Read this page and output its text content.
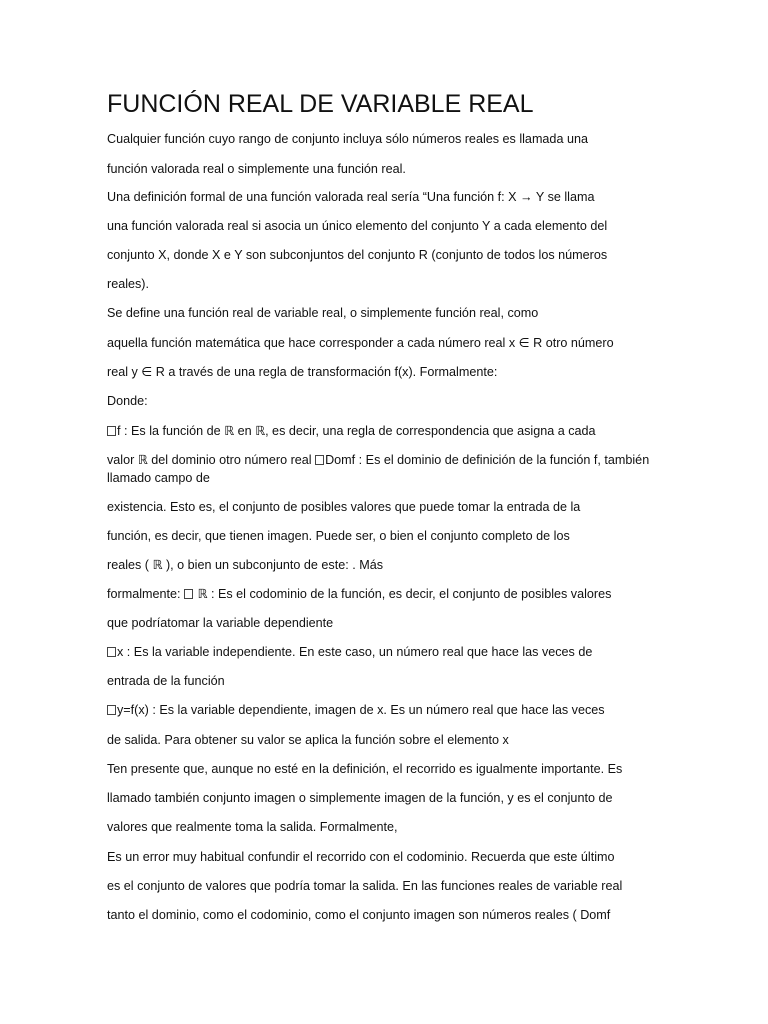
FUNCIÓN REAL DE VARIABLE REAL
Cualquier función cuyo rango de conjunto incluya sólo números reales es llamada una
función valorada real o simplemente una función real.
Una definición formal de una función valorada real sería “Una función f: X → Y se llama
una función valorada real si asocia un único elemento del conjunto Y a cada elemento del
conjunto X, donde X e Y son subconjuntos del conjunto R (conjunto de todos los números
reales).
Se define una función real de variable real, o simplemente función real, como
aquella función matemática que hace corresponder a cada número real x ∈ R otro número
real y ∈ R a través de una regla de transformación f(x). Formalmente:
Donde:
f : Es la función de ℝ en ℝ, es decir, una regla de correspondencia que asigna a cada
valor ℝ del dominio otro número real Domf : Es el dominio de definición de la función f, también
llamado campo de
existencia. Esto es, el conjunto de posibles valores que puede tomar la entrada de la
función, es decir, que tienen imagen. Puede ser, o bien el conjunto completo de los
reales ( ℝ ), o bien un subconjunto de este: . Más
formalmente: ℝ : Es el codominio de la función, es decir, el conjunto de posibles valores
que podríatomar la variable dependiente
x : Es la variable independiente. En este caso, un número real que hace las veces de
entrada de la función
y=f(x) : Es la variable dependiente, imagen de x. Es un número real que hace las veces
de salida. Para obtener su valor se aplica la función sobre el elemento x
Ten presente que, aunque no esté en la definición, el recorrido es igualmente importante. Es
llamado también conjunto imagen o simplemente imagen de la función, y es el conjunto de
valores que realmente toma la salida. Formalmente,
Es un error muy habitual confundir el recorrido con el codominio. Recuerda que este último
es el conjunto de valores que podría tomar la salida. En las funciones reales de variable real
tanto el dominio, como el codominio, como el conjunto imagen son números reales ( Domf
